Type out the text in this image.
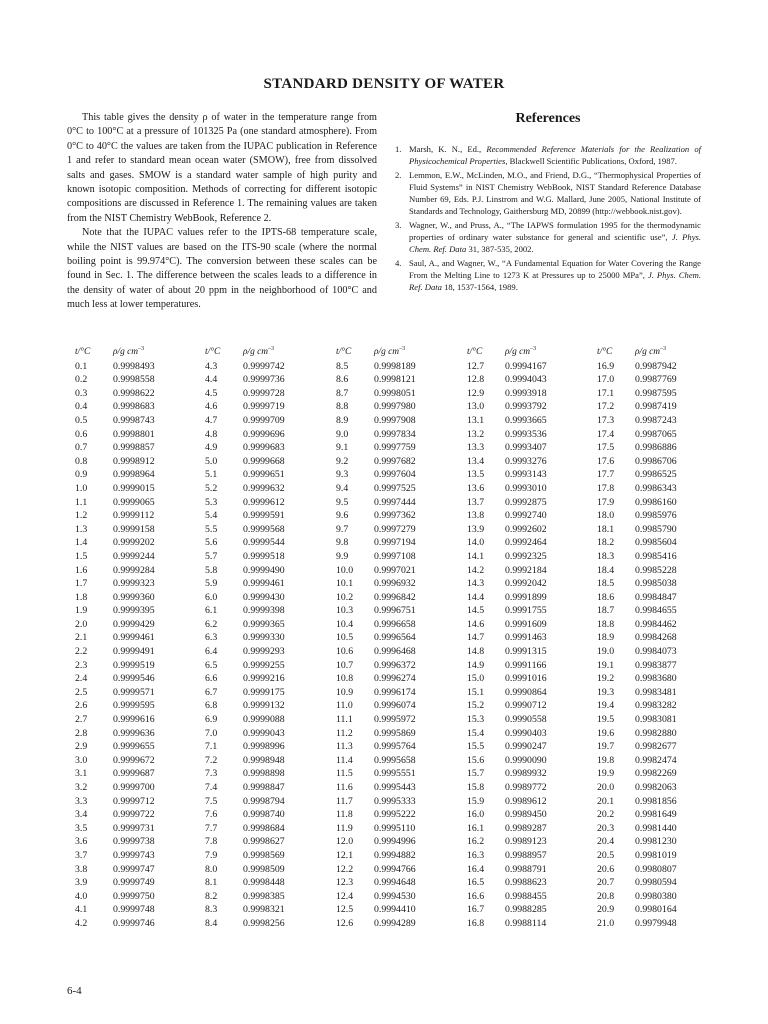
STANDARD DENSITY OF WATER

This table gives the density ρ of water in the temperature range from 0°C to 100°C at a pressure of 101325 Pa (one standard atmosphere). From 0°C to 40°C the values are taken from the IUPAC publication in Reference 1 and refer to standard mean ocean water (SMOW), free from dissolved salts and gases. SMOW is a standard water sample of high purity and known isotopic composition. Methods of correcting for different isotopic compositions are discussed in Reference 1. The remaining values are taken from the NIST Chemistry WebBook, Reference 2.

Note that the IUPAC values refer to the IPTS-68 temperature scale, while the NIST values are based on the ITS-90 scale (where the normal boiling point is 99.974°C). The conversion between these scales can be found in Sec. 1. The difference between the scales leads to a difference in the density of water of about 20 ppm in the neighborhood of 100°C and much less at lower temperatures.

References
1. Marsh, K. N., Ed., Recommended Reference Materials for the Realization of Physicochemical Properties, Blackwell Scientific Publications, Oxford, 1987.
2. Lemmon, E.W., McLinden, M.O., and Friend, D.G., “Thermophysical Properties of Fluid Systems” in NIST Chemistry WebBook, NIST Standard Reference Database Number 69, Eds. P.J. Linstrom and W.G. Mallard, June 2005, National Institute of Standards and Technology, Gaithersburg MD, 20899 (http://webbook.nist.gov).
3. Wagner, W., and Pruss, A., “The IAPWS formulation 1995 for the thermodynamic properties of ordinary water substance for general and scientific use”, J. Phys. Chem. Ref. Data 31, 387-535, 2002.
4. Saul, A., and Wagner, W., “A Fundamental Equation for Water Covering the Range From the Melting Line to 1273 K at Pressures up to 25000 MPa”, J. Phys. Chem. Ref. Data 18, 1537-1564, 1989.
t/°C	ρ/g $cm^{-3}$
0.1	0.9998493
0.2	0.9998558
0.3	0.9998622
0.4	0.9998683
0.5	0.9998743
0.6	0.9998801
0.7	0.9998857
0.8	0.9998912
0.9	0.9998964
1.0	0.9999015
1.1	0.9999065
1.2	0.9999112
1.3	0.9999158
1.4	0.9999202
1.5	0.9999244
1.6	0.9999284
1.7	0.9999323
1.8	0.9999360
1.9	0.9999395
2.0	0.9999429
2.1	0.9999461
2.2	0.9999491
2.3	0.9999519
2.4	0.9999546
2.5	0.9999571
2.6	0.9999595
2.7	0.9999616
2.8	0.9999636
2.9	0.9999655
3.0	0.9999672
3.1	0.9999687
3.2	0.9999700
3.3	0.9999712
3.4	0.9999722
3.5	0.9999731
3.6	0.9999738
3.7	0.9999743
3.8	0.9999747
3.9	0.9999749
4.0	0.9999750
4.1	0.9999748
4.2	0.9999746
t/°C	ρ/g $cm^{-3}$
4.3	0.9999742
4.4	0.9999736
4.5	0.9999728
4.6	0.9999719
4.7	0.9999709
4.8	0.9999696
4.9	0.9999683
5.0	0.9999668
5.1	0.9999651
5.2	0.9999632
5.3	0.9999612
5.4	0.9999591
5.5	0.9999568
5.6	0.9999544
5.7	0.9999518
5.8	0.9999490
5.9	0.9999461
6.0	0.9999430
6.1	0.9999398
6.2	0.9999365
6.3	0.9999330
6.4	0.9999293
6.5	0.9999255
6.6	0.9999216
6.7	0.9999175
6.8	0.9999132
6.9	0.9999088
7.0	0.9999043
7.1	0.9998996
7.2	0.9998948
7.3	0.9998898
7.4	0.9998847
7.5	0.9998794
7.6	0.9998740
7.7	0.9998684
7.8	0.9998627
7.9	0.9998569
8.0	0.9998509
8.1	0.9998448
8.2	0.9998385
8.3	0.9998321
8.4	0.9998256
t/°C	ρ/g $cm^{-3}$
8.5	0.9998189
8.6	0.9998121
8.7	0.9998051
8.8	0.9997980
8.9	0.9997908
9.0	0.9997834
9.1	0.9997759
9.2	0.9997682
9.3	0.9997604
9.4	0.9997525
9.5	0.9997444
9.6	0.9997362
9.7	0.9997279
9.8	0.9997194
9.9	0.9997108
10.0	0.9997021
10.1	0.9996932
10.2	0.9996842
10.3	0.9996751
10.4	0.9996658
10.5	0.9996564
10.6	0.9996468
10.7	0.9996372
10.8	0.9996274
10.9	0.9996174
11.0	0.9996074
11.1	0.9995972
11.2	0.9995869
11.3	0.9995764
11.4	0.9995658
11.5	0.9995551
11.6	0.9995443
11.7	0.9995333
11.8	0.9995222
11.9	0.9995110
12.0	0.9994996
12.1	0.9994882
12.2	0.9994766
12.3	0.9994648
12.4	0.9994530
12.5	0.9994410
12.6	0.9994289
t/°C	ρ/g $cm^{-3}$
12.7	0.9994167
12.8	0.9994043
12.9	0.9993918
13.0	0.9993792
13.1	0.9993665
13.2	0.9993536
13.3	0.9993407
13.4	0.9993276
13.5	0.9993143
13.6	0.9993010
13.7	0.9992875
13.8	0.9992740
13.9	0.9992602
14.0	0.9992464
14.1	0.9992325
14.2	0.9992184
14.3	0.9992042
14.4	0.9991899
14.5	0.9991755
14.6	0.9991609
14.7	0.9991463
14.8	0.9991315
14.9	0.9991166
15.0	0.9991016
15.1	0.9990864
15.2	0.9990712
15.3	0.9990558
15.4	0.9990403
15.5	0.9990247
15.6	0.9990090
15.7	0.9989932
15.8	0.9989772
15.9	0.9989612
16.0	0.9989450
16.1	0.9989287
16.2	0.9989123
16.3	0.9988957
16.4	0.9988791
16.5	0.9988623
16.6	0.9988455
16.7	0.9988285
16.8	0.9988114
t/°C	ρ/g $cm^{-3}$
16.9	0.9987942
17.0	0.9987769
17.1	0.9987595
17.2	0.9987419
17.3	0.9987243
17.4	0.9987065
17.5	0.9986886
17.6	0.9986706
17.7	0.9986525
17.8	0.9986343
17.9	0.9986160
18.0	0.9985976
18.1	0.9985790
18.2	0.9985604
18.3	0.9985416
18.4	0.9985228
18.5	0.9985038
18.6	0.9984847
18.7	0.9984655
18.8	0.9984462
18.9	0.9984268
19.0	0.9984073
19.1	0.9983877
19.2	0.9983680
19.3	0.9983481
19.4	0.9983282
19.5	0.9983081
19.6	0.9982880
19.7	0.9982677
19.8	0.9982474
19.9	0.9982269
20.0	0.9982063
20.1	0.9981856
20.2	0.9981649
20.3	0.9981440
20.4	0.9981230
20.5	0.9981019
20.6	0.9980807
20.7	0.9980594
20.8	0.9980380
20.9	0.9980164
21.0	0.9979948
6-4
